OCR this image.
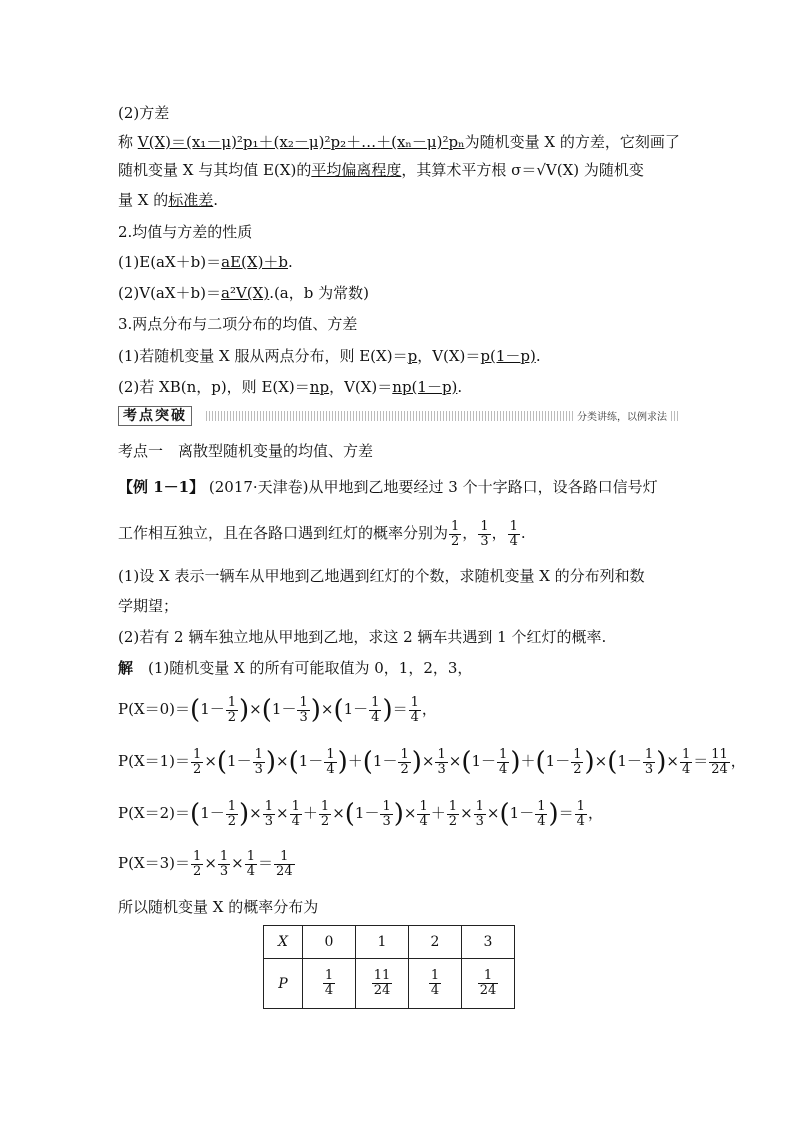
(2)方差
称 V(X)＝(x₁－μ)²p₁＋(x₂－μ)²p₂＋…＋(xₙ－μ)²pₙ为随机变量 X 的方差，它刻画了
随机变量 X 与其均值 E(X)的平均偏离程度，其算术平方根 σ＝√V(X) 为随机变
量 X 的标准差.
2.均值与方差的性质
(1)E(aX＋b)＝aE(X)＋b.
(2)V(aX＋b)＝a²V(X).(a，b 为常数)
3.两点分布与二项分布的均值、方差
(1)若随机变量 X 服从两点分布，则 E(X)＝p，V(X)＝p(1－p).
(2)若 XB(n，p)，则 E(X)＝np，V(X)＝np(1－p).
考点突破	分类讲练，以例求法
考点一　离散型随机变量的均值、方差
【例 1－1】 (2017·天津卷)从甲地到乙地要经过 3 个十字路口，设各路口信号灯
工作相互独立，且在各路口遇到红灯的概率分别为 $\frac{1}{2}$ ， $\frac{1}{3}$ ， $\frac{1}{4}$ .
(1)设 X 表示一辆车从甲地到乙地遇到红灯的个数，求随机变量 X 的分布列和数
学期望；
(2)若有 2 辆车独立地从甲地到乙地，求这 2 辆车共遇到 1 个红灯的概率.
解　 (1)随机变量 X 的所有可能取值为 0，1，2，3，
$P(X=0)=(1- \frac{1}{2} )\times(1- \frac{1}{3} )\times(1- \frac{1}{4}$ )＝ $\frac{1}{4}$ ，
$P(X=1)= \frac{1}{2} \times(1- \frac{1}{3} )\times(1- \frac{1}{4} )+(1- \frac{1}{2}$ )× $\frac{1}{3} \times(1- \frac{1}{4} )+(1- \frac{1}{2} )\times(1- \frac{1}{3}$ )× $\frac{1}{4} = \frac{11}{24}$ ，
$P(X=2)=(1- \frac{1}{2}$ )× $\frac{1}{3} \times \frac{1}{4} + \frac{1}{2} \times(1- \frac{1}{3}$ )× $\frac{1}{4} + \frac{1}{2} \times \frac{1}{3} \times(1- \frac{1}{4}$ )＝ $\frac{1}{4}$ ，
$P(X=3)= \frac{1}{2} \times \frac{1}{3} \times \frac{1}{4} = \frac{1}{24}$
所以随机变量 X 的概率分布为
X	0	1	2	3
P	$\frac{1}{4}$	$\frac{11}{24}$	$\frac{1}{4}$	$\frac{1}{24}$
